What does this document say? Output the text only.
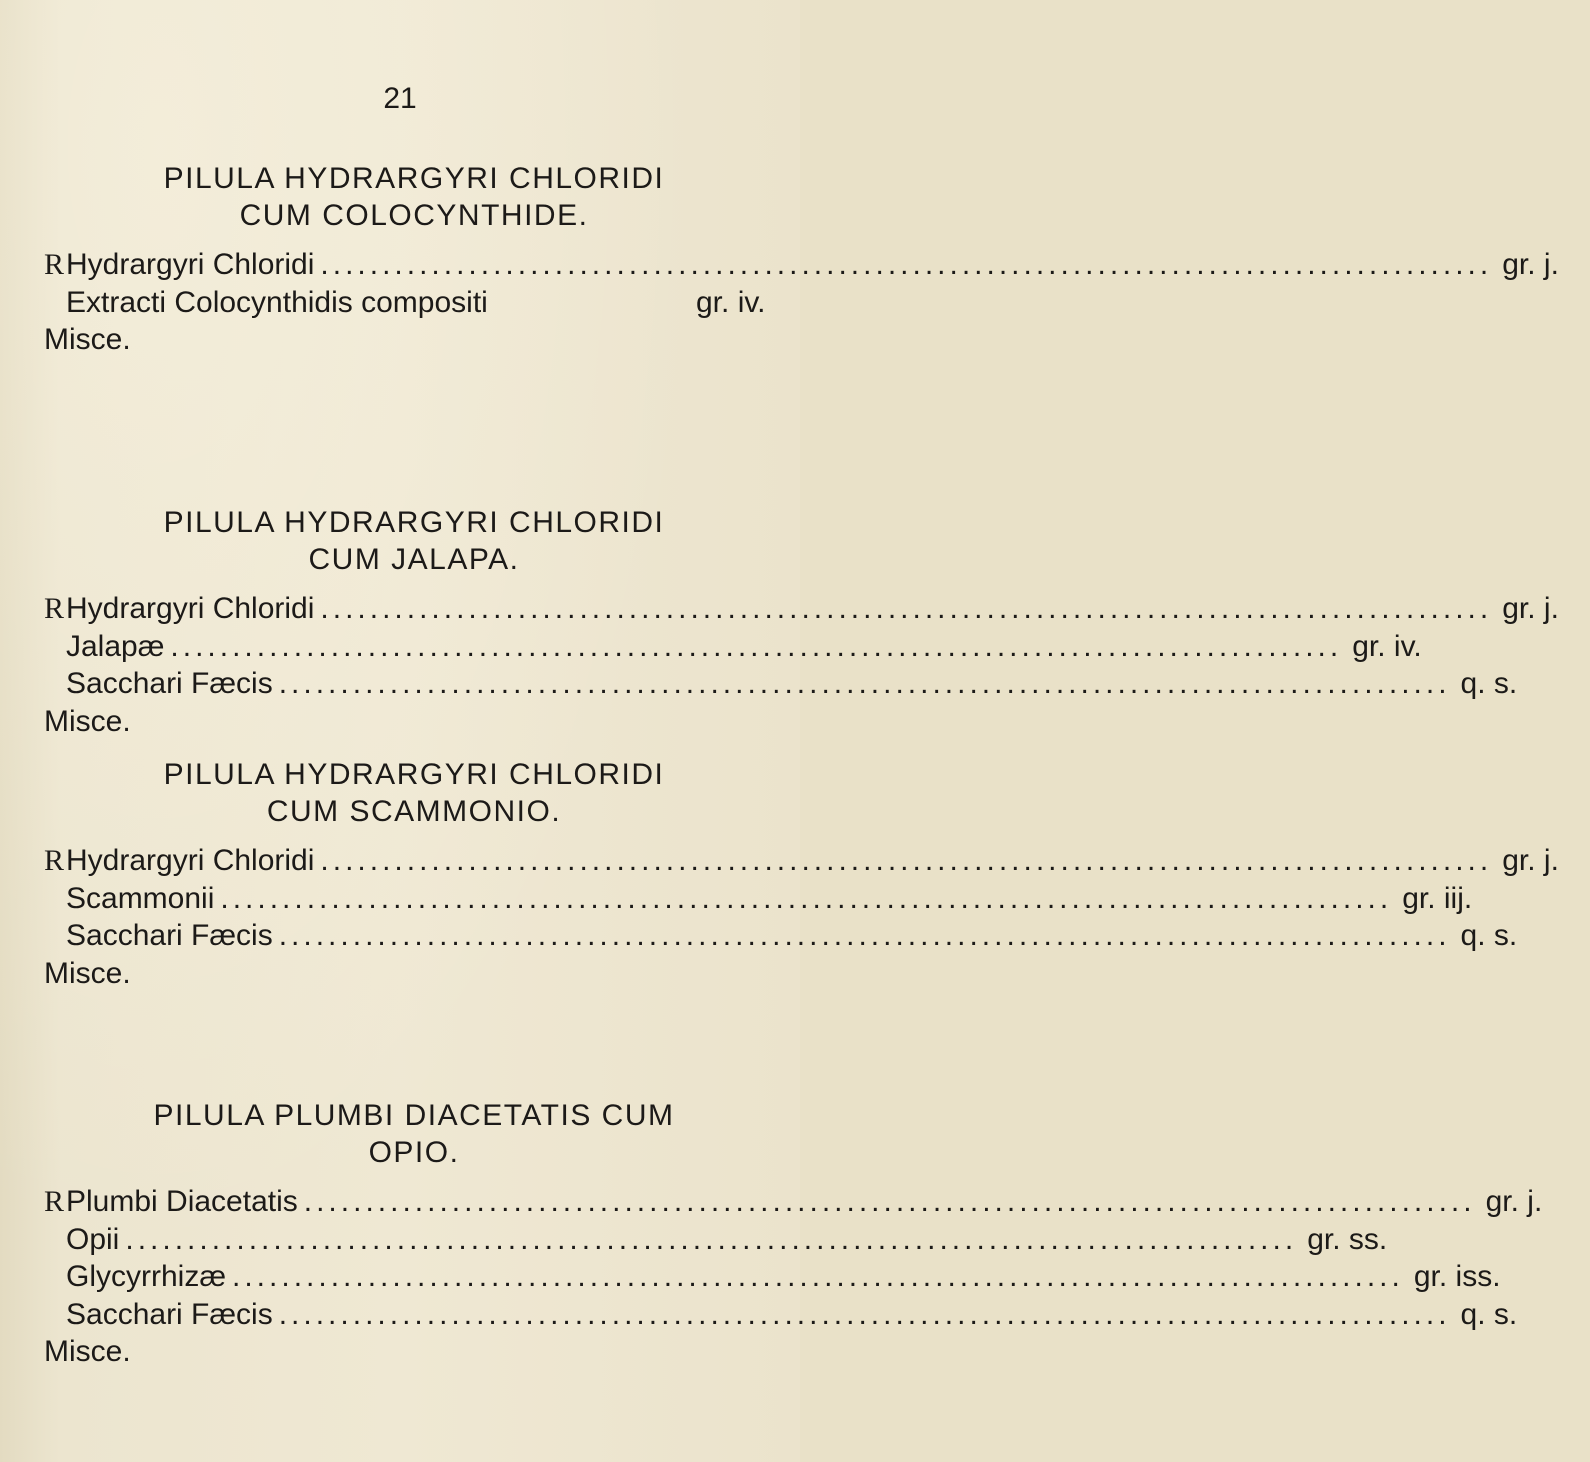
21
PILULA HYDRARGYRI CHLORIDI
CUM COLOCYNTHIDE.
R Hydrargyri Chloridi ............................................................................................... gr. j.
Extracti Colocynthidis compositi	gr. iv.
Misce.
PILULA HYDRARGYRI CHLORIDI
CUM JALAPA.
R Hydrargyri Chloridi ............................................................................................... gr. j.
Jalapæ ............................................................................................... gr. iv.
Sacchari Fæcis ............................................................................................... q. s.
Misce.
PILULA HYDRARGYRI CHLORIDI
CUM SCAMMONIO.
R Hydrargyri Chloridi ............................................................................................... gr. j.
Scammonii ............................................................................................... gr. iij.
Sacchari Fæcis ............................................................................................... q. s.
Misce.
PILULA PLUMBI DIACETATIS CUM
OPIO.
R Plumbi Diacetatis ............................................................................................... gr. j.
Opii ............................................................................................... gr. ss.
Glycyrrhizæ ............................................................................................... gr. iss.
Sacchari Fæcis ............................................................................................... q. s.
Misce.
